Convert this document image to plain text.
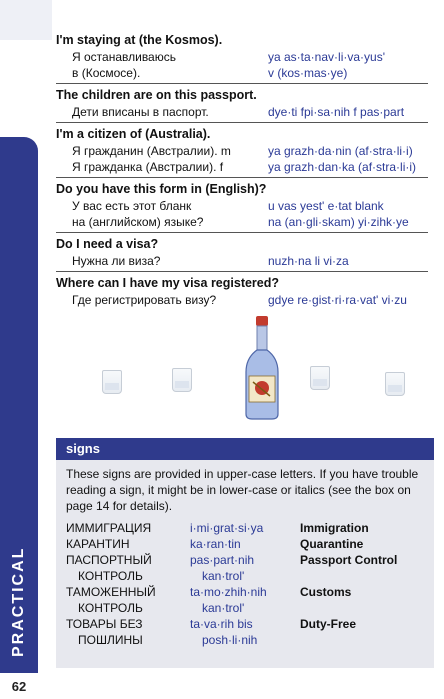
PRACTICAL
62
I'm staying at (the Kosmos).
Я останавливаюсь	ya as·ta·nav·li·va·yus'
в (Космосе).	v (kos·mas·ye)
The children are on this passport.
Дети вписаны в паспорт.	dye·ti fpi·sa·nih f pas·part
I'm a citizen of (Australia).
Я гражданин (Австралии). m	ya grazh·da·nin (af·stra·li·i)
Я гражданка (Австралии). f	ya grazh·dan·ka (af·stra·li·i)
Do you have this form in (English)?
У вас есть этот бланк	u vas yest' e·tat blank
на (английском) языке?	na (an·gli·skam) yi·zihk·ye
Do I need a visa?
Нужна ли виза?	nuzh·na li vi·za
Where can I have my visa registered?
Где регистрировать визу?	gdye re·gist·ri·ra·vat' vi·zu
signs
These signs are provided in upper-case letters. If you have trouble reading a sign, it might be in lower-case or italics (see the box on page 14 for details).
ИММИГРАЦИЯ	i·mi·grat·si·ya	Immigration
КАРАНТИН	ka·ran·tin	Quarantine
ПАСПОРТНЫЙ	pas·part·nih	Passport Control
КОНТРОЛЬ	kan·trol'
ТАМОЖЕННЫЙ	ta·mo·zhih·nih	Customs
КОНТРОЛЬ	kan·trol'
ТОВАРЫ БЕЗ	ta·va·rih bis	Duty-Free
ПОШЛИНЫ	posh·li·nih
